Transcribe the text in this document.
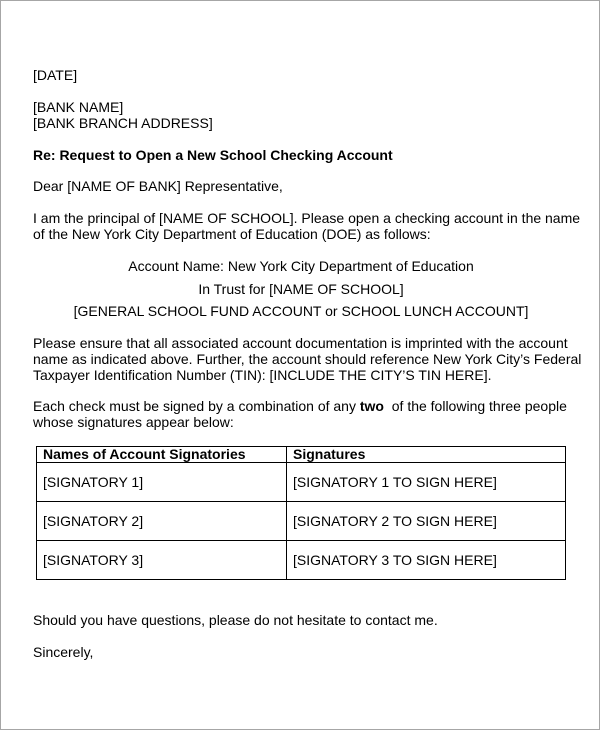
[DATE]
[BANK NAME]
[BANK BRANCH ADDRESS]
Re: Request to Open a New School Checking Account
Dear [NAME OF BANK] Representative,
I am the principal of [NAME OF SCHOOL]. Please open a checking account in the name
of the New York City Department of Education (DOE) as follows:
Account Name: New York City Department of Education
In Trust for [NAME OF SCHOOL]
[GENERAL SCHOOL FUND ACCOUNT or SCHOOL LUNCH ACCOUNT]
Please ensure that all associated account documentation is imprinted with the account
name as indicated above. Further, the account should reference New York City’s Federal
Taxpayer Identification Number (TIN): [INCLUDE THE CITY’S TIN HERE].
Each check must be signed by a combination of any two  of the following three people
whose signatures appear below:
Names of Account Signatories	Signatures
[SIGNATORY 1]	[SIGNATORY 1 TO SIGN HERE]
[SIGNATORY 2]	[SIGNATORY 2 TO SIGN HERE]
[SIGNATORY 3]	[SIGNATORY 3 TO SIGN HERE]
Should you have questions, please do not hesitate to contact me.
Sincerely,
